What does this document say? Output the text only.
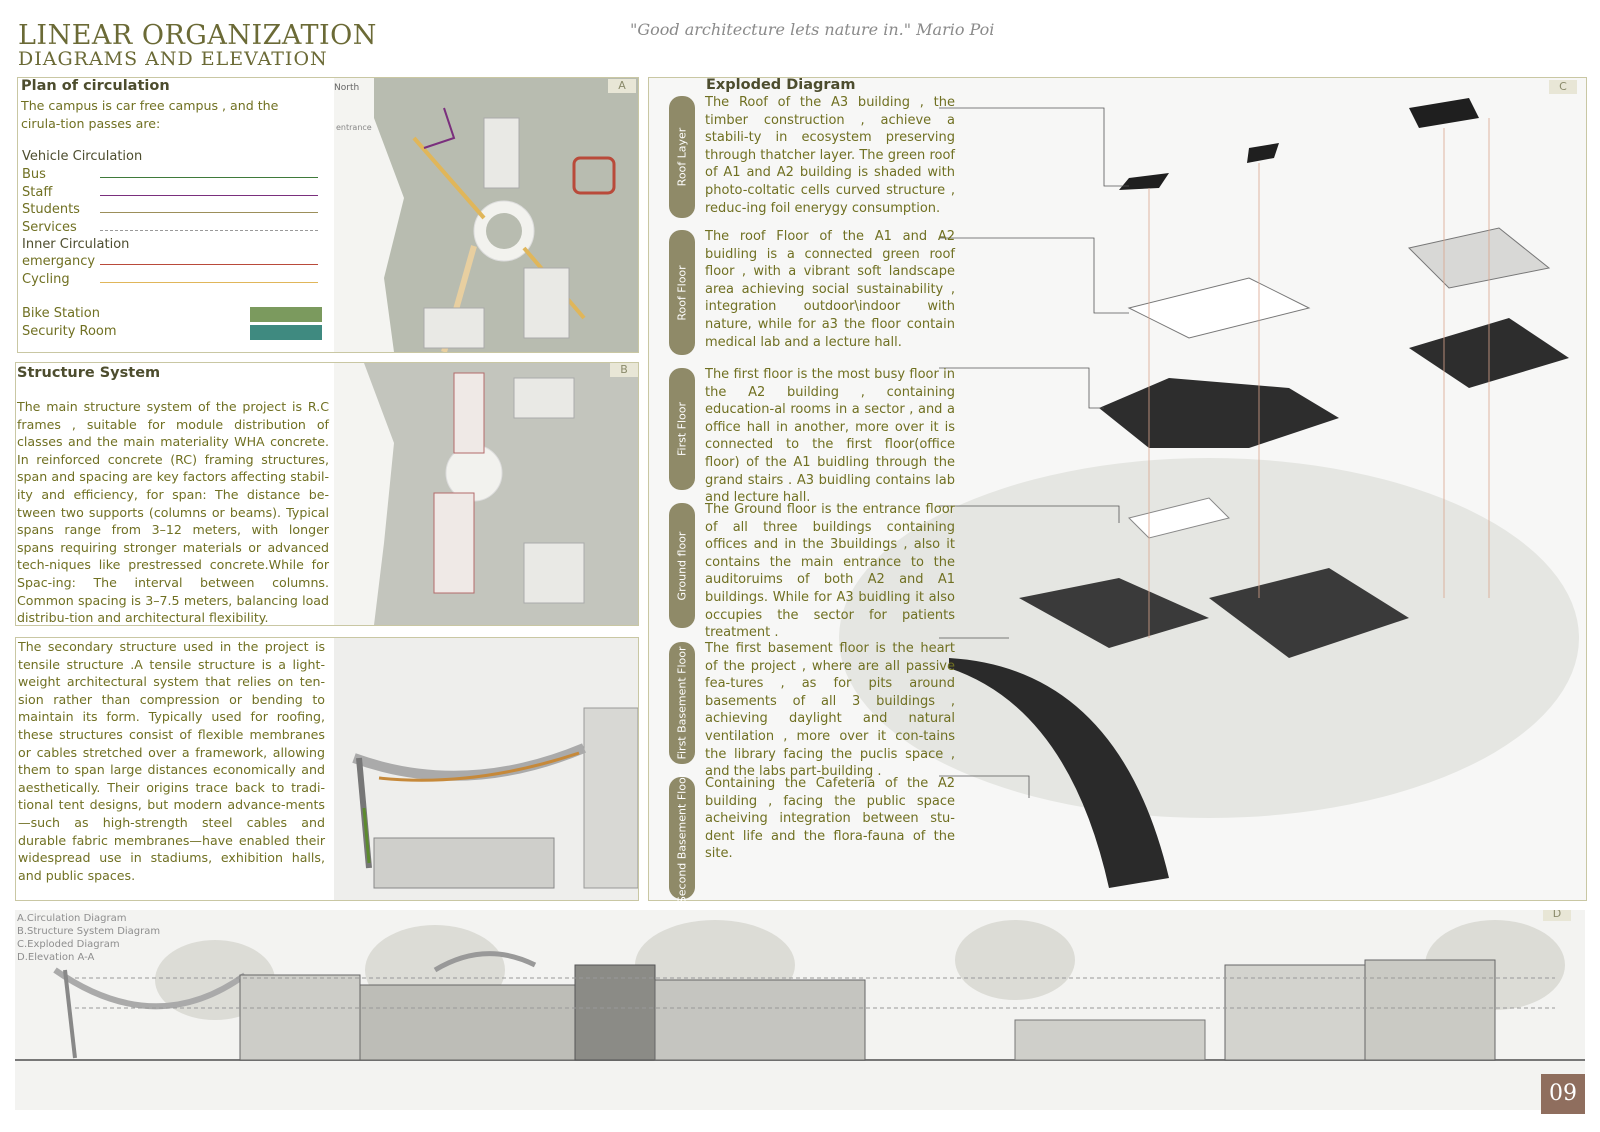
LINEAR ORGANIZATION
DIAGRAMS AND ELEVATION
"Good architecture lets nature in." Mario Poi
Plan of circulation
The campus is car free campus , and the cirula-tion passes are:
Vehicle Circulation
Inner Circulation
North
entrance
A
Bus
Staff
Students
Services
emergancy
Cycling
Bike Station
Security Room
Structure System
The main structure system of the project is R.C frames , suitable for module distribution of classes and the main materiality WHA concrete. In reinforced concrete (RC) framing structures, span and spacing are key factors affecting stabil-ity and efficiency, for span: The distance be-tween two supports (columns or beams). Typical spans range from 3–12 meters, with longer spans requiring stronger materials or advanced tech-niques like prestressed concrete.While for Spac-ing: The interval between columns. Common spacing is 3–7.5 meters, balancing load distribu-tion and architectural flexibility.
B
The secondary structure used in the project is tensile structure .A tensile structure is a light-weight architectural system that relies on ten-sion rather than compression or bending to maintain its form. Typically used for roofing, these structures consist of flexible membranes or cables stretched over a framework, allowing them to span large distances economically and aesthetically. Their origins trace back to tradi-tional tent designs, but modern advance-ments—such as high-strength steel cables and durable fabric membranes—have enabled their widespread use in stadiums, exhibition halls, and public spaces.
Exploded Diagram	C
Roof Layer
The Roof of the A3 building , the timber construction , achieve a stabili-ty in ecosystem preserving through thatcher layer. The green roof of A1 and A2 building is shaded with photo-coltatic cells curved structure , reduc-ing foil enerygy consumption.
Roof Floor
The roof Floor of the A1 and A2 buidling is a connected green roof floor , with a vibrant soft landscape area achieving social sustainability , integration outdoor\indoor with nature, while for a3 the floor contain medical lab and a lecture hall.
First Floor
The first floor is the most busy floor in the A2 building , containing education-al rooms in a sector , and a office hall in another, more over it is connected to the first floor(office floor) of the A1 buidling through the grand stairs . A3 buidling contains lab and lecture hall.
Ground floor
The Ground floor is the entrance floor of all three buildings containing offices and in the 3buildings , also it contains the main entrance to the auditoruims of both A2 and A1 buildings. While for A3 buidling it also occupies the sector for patients treatment .
First Basement Floor The first basement floor is the heart of the project , where are all passive fea-tures , as for pits around basements of all 3 buildings , achieving daylight and natural ventilation , more over it con-tains the library facing the puclis space , and the labs part-building .
Second Basement Floor Containing the Cafeteria of the A2 building , facing the public space acheiving integration between stu-dent life and the flora-fauna of the site.
D
A.Circulation Diagram
B.Structure System Diagram
C.Exploded Diagram
D.Elevation A-A
09
